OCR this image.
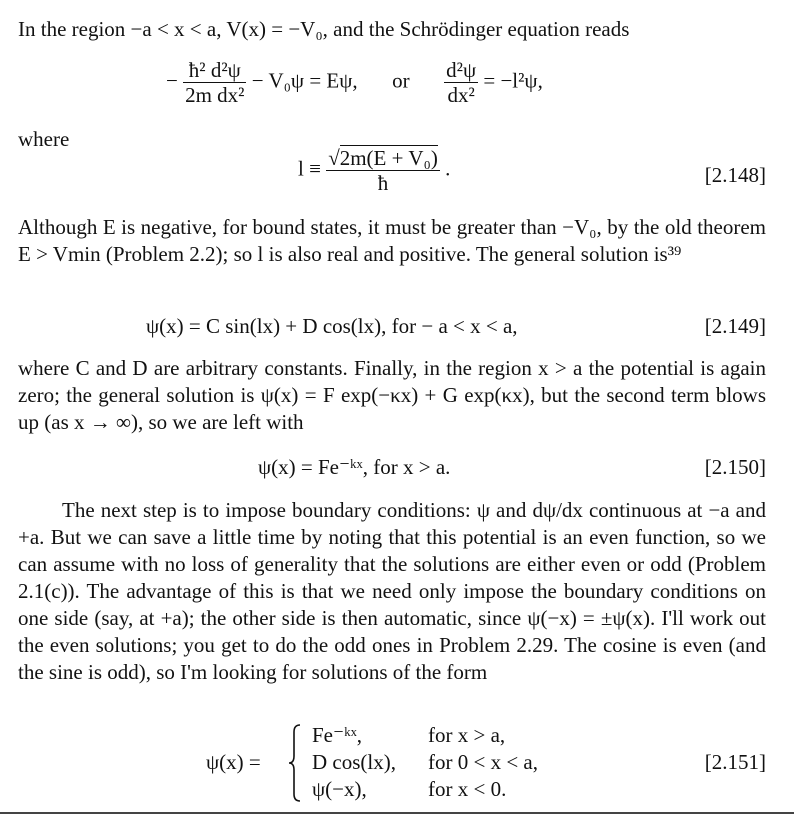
In the region −a < x < a, V(x) = −V₀, and the Schrödinger equation reads
− $\frac{\text{ħ² d²ψ}}{\text{2m dx²}} - V_0\psi = E\psi$, or $\frac{\text{d²ψ}}{\text{dx²}} = -l^2\psi$,
where
$l \equiv \frac{\text{√2m(E + V₀)}}{ħ}$ .	[2.148]
Although E is negative, for bound states, it must be greater than −V₀, by the old theorem E > Vmin (Problem 2.2); so l is also real and positive. The general solution is³⁹
ψ(x) = C sin(lx) + D cos(lx), for − a < x < a,	[2.149]
where C and D are arbitrary constants. Finally, in the region x > a the potential is again zero; the general solution is ψ(x) = F exp(−κx) + G exp(κx), but the second term blows up (as x → ∞), so we are left with
ψ(x) = Fe⁻ᵏˣ, for x > a.	[2.150]
The next step is to impose boundary conditions: ψ and dψ/dx continuous at −a and +a. But we can save a little time by noting that this potential is an even function, so we can assume with no loss of generality that the solutions are either even or odd (Problem 2.1(c)). The advantage of this is that we need only impose the boundary conditions on one side (say, at +a); the other side is then automatic, since ψ(−x) = ±ψ(x). I'll work out the even solutions; you get to do the odd ones in Problem 2.29. The cosine is even (and the sine is odd), so I'm looking for solutions of the form
ψ(x) =
Fe⁻ᵏˣ,	for x > a,
D cos(lx), for 0 < x < a,
ψ(−x),	for x < 0.
[2.151]
